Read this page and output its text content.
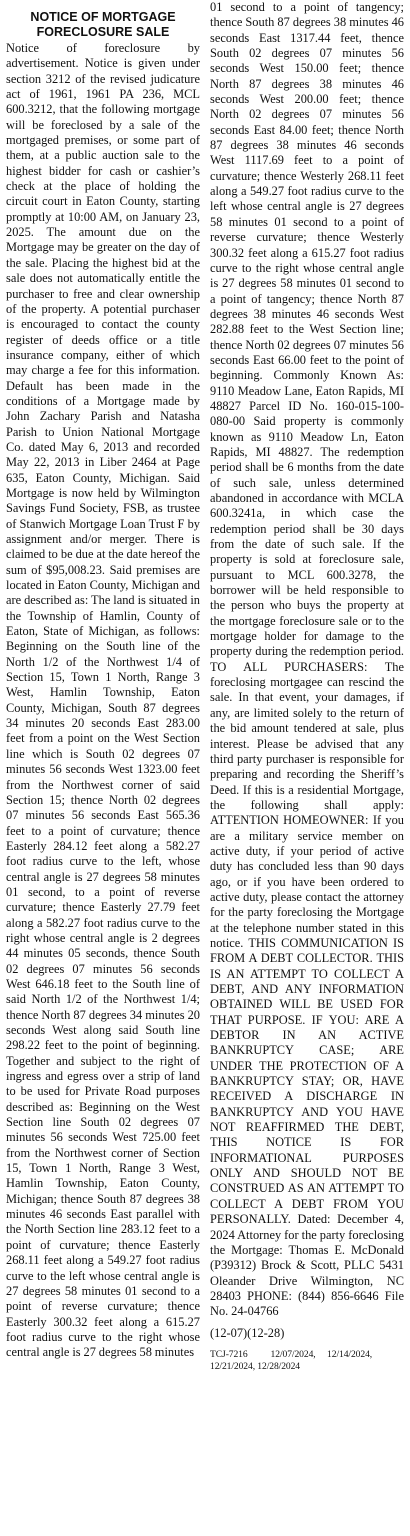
NOTICE OF MORTGAGE
FORECLOSURE SALE

Notice of foreclosure by advertisement. Notice is given under section 3212 of the revised judicature act of 1961, 1961 PA 236, MCL 600.3212, that the following mortgage will be foreclosed by a sale of the mortgaged premises, or some part of them, at a public auction sale to the highest bidder for cash or cashier’s check at the place of holding the circuit court in Eaton County, starting promptly at 10:00 AM, on January 23, 2025. The amount due on the Mortgage may be greater on the day of the sale. Placing the highest bid at the sale does not automatically entitle the purchaser to free and clear ownership of the property. A potential purchaser is encouraged to contact the county register of deeds office or a title insurance company, either of which may charge a fee for this information. Default has been made in the conditions of a Mortgage made by John Zachary Parish and Natasha Parish to Union National Mortgage Co. dated May 6, 2013 and recorded May 22, 2013 in Liber 2464 at Page 635, Eaton County, Michigan. Said Mortgage is now held by Wilmington Savings Fund Society, FSB, as trustee of Stanwich Mortgage Loan Trust F by assignment and/or merger. There is claimed to be due at the date hereof the sum of $95,008.23. Said premises are located in Eaton County, Michigan and are described as: The land is situated in the Township of Hamlin, County of Eaton, State of Michigan, as follows: Beginning on the South line of the North 1/2 of the Northwest 1/4 of Section 15, Town 1 North, Range 3 West, Hamlin Township, Eaton County, Michigan, South 87 degrees 34 minutes 20 seconds East 283.00 feet from a point on the West Section line which is South 02 degrees 07 minutes 56 seconds West 1323.00 feet from the Northwest corner of said Section 15; thence North 02 degrees 07 minutes 56 seconds East 565.36 feet to a point of curvature; thence Easterly 284.12 feet along a 582.27 foot radius curve to the left, whose central angle is 27 degrees 58 minutes 01 second, to a point of reverse curvature; thence Easterly 27.79 feet along a 582.27 foot radius curve to the right whose central angle is 2 degrees 44 minutes 05 seconds, thence South 02 degrees 07 minutes 56 seconds West 646.18 feet to the South line of said North 1/2 of the Northwest 1/4; thence North 87 degrees 34 minutes 20 seconds West along said South line 298.22 feet to the point of beginning. Together and subject to the right of ingress and egress over a strip of land to be used for Private Road purposes described as: Beginning on the West Section line South 02 degrees 07 minutes 56 seconds West 725.00 feet from the Northwest corner of Section 15, Town 1 North, Range 3 West, Hamlin Township, Eaton County, Michigan; thence South 87 degrees 38 minutes 46 seconds East parallel with the North Section line 283.12 feet to a point of curvature; thence Easterly 268.11 feet along a 549.27 foot radius curve to the left whose central angle is 27 degrees 58 minutes 01 second to a point of reverse curvature; thence Easterly 300.32 feet along a 615.27 foot radius curve to the right whose central angle is 27 degrees 58 minutes

01 second to a point of tangency; thence South 87 degrees 38 minutes 46 seconds East 1317.44 feet, thence South 02 degrees 07 minutes 56 seconds West 150.00 feet; thence North 87 degrees 38 minutes 46 seconds West 200.00 feet; thence North 02 degrees 07 minutes 56 seconds East 84.00 feet; thence North 87 degrees 38 minutes 46 seconds West 1117.69 feet to a point of curvature; thence Westerly 268.11 feet along a 549.27 foot radius curve to the left whose central angle is 27 degrees 58 minutes 01 second to a point of reverse curvature; thence Westerly 300.32 feet along a 615.27 foot radius curve to the right whose central angle is 27 degrees 58 minutes 01 second to a point of tangency; thence North 87 degrees 38 minutes 46 seconds West 282.88 feet to the West Section line; thence North 02 degrees 07 minutes 56 seconds East 66.00 feet to the point of beginning. Commonly Known As: 9110 Meadow Lane, Eaton Rapids, MI 48827 Parcel ID No. 160-015-100-080-00 Said property is commonly known as 9110 Meadow Ln, Eaton Rapids, MI 48827. The redemption period shall be 6 months from the date of such sale, unless determined abandoned in accordance with MCLA 600.3241a, in which case the redemption period shall be 30 days from the date of such sale. If the property is sold at foreclosure sale, pursuant to MCL 600.3278, the borrower will be held responsible to the person who buys the property at the mortgage foreclosure sale or to the mortgage holder for damage to the property during the redemption period. TO ALL PURCHASERS: The foreclosing mortgagee can rescind the sale. In that event, your damages, if any, are limited solely to the return of the bid amount tendered at sale, plus interest. Please be advised that any third party purchaser is responsible for preparing and recording the Sheriff’s Deed. If this is a residential Mortgage, the following shall apply: ATTENTION HOMEOWNER: If you are a military service member on active duty, if your period of active duty has concluded less than 90 days ago, or if you have been ordered to active duty, please contact the attorney for the party foreclosing the Mortgage at the telephone number stated in this notice. THIS COMMUNICATION IS FROM A DEBT COLLECTOR. THIS IS AN ATTEMPT TO COLLECT A DEBT, AND ANY INFORMATION OBTAINED WILL BE USED FOR THAT PURPOSE. IF YOU: ARE A DEBTOR IN AN ACTIVE BANKRUPTCY CASE; ARE UNDER THE PROTECTION OF A BANKRUPTCY STAY; OR, HAVE RECEIVED A DISCHARGE IN BANKRUPTCY AND YOU HAVE NOT REAFFIRMED THE DEBT, THIS NOTICE IS FOR INFORMATIONAL PURPOSES ONLY AND SHOULD NOT BE CONSTRUED AS AN ATTEMPT TO COLLECT A DEBT FROM YOU PERSONALLY. Dated: December 4, 2024 Attorney for the party foreclosing the Mortgage: Thomas E. McDonald (P39312) Brock & Scott, PLLC 5431 Oleander Drive Wilmington, NC 28403 PHONE: (844) 856-6646 File No. 24-04766

(12-07)(12-28)
TCJ-7216          12/07/2024,     12/14/2024,
12/21/2024, 12/28/2024
